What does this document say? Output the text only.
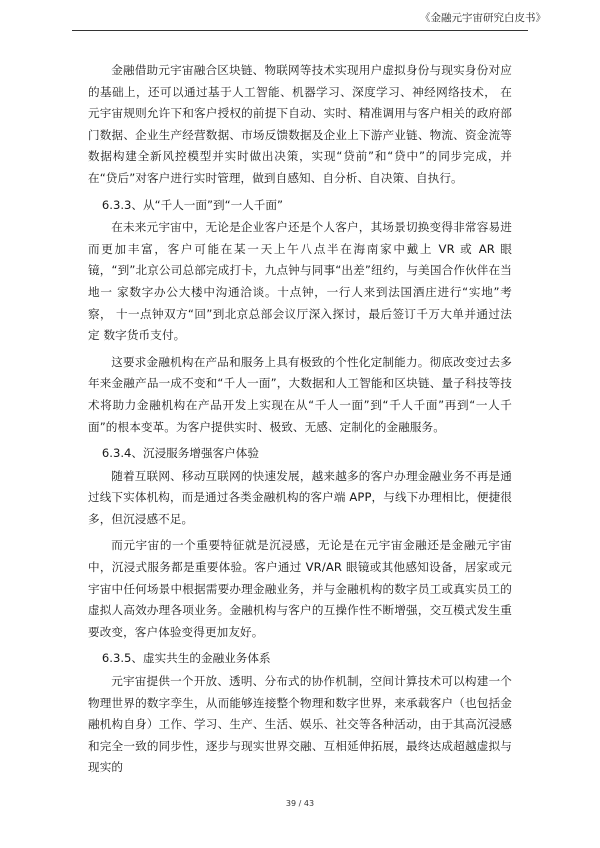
《金融元宇宙研究白皮书》

金融借助元宇宙融合区块链、物联网等技术实现用户虚拟身份与现实身份对应的基础上，还可以通过基于人工智能、机器学习、深度学习、神经网络技术， 在元宇宙规则允许下和客户授权的前提下自动、实时、精准调用与客户相关的政府部门数据、企业生产经营数据、市场反馈数据及企业上下游产业链、物流、资金流等数据构建全新风控模型并实时做出决策，实现“贷前”和“贷中”的同步完成，并在“贷后”对客户进行实时管理，做到自感知、自分析、自决策、自执行。

6.3.3、从“千人一面”到“一人千面”

在未来元宇宙中，无论是企业客户还是个人客户，其场景切换变得非常容易进而更加丰富，客户可能在某一天上午八点半在海南家中戴上 VR 或 AR 眼镜，“到”北京公司总部完成打卡，九点钟与同事“出差”纽约，与美国合作伙伴在当地一 家数字办公大楼中沟通洽谈。十点钟，一行人来到法国酒庄进行“实地”考察， 十一点钟双方“回”到北京总部会议厅深入探讨，最后签订千万大单并通过法定 数字货币支付。

这要求金融机构在产品和服务上具有极致的个性化定制能力。彻底改变过去多年来金融产品一成不变和“千人一面”，大数据和人工智能和区块链、量子科技等技术将助力金融机构在产品开发上实现在从“千人一面”到“千人千面”再到“一人千面”的根本变革。为客户提供实时、极致、无感、定制化的金融服务。

6.3.4、沉浸服务增强客户体验

随着互联网、移动互联网的快速发展，越来越多的客户办理金融业务不再是通过线下实体机构，而是通过各类金融机构的客户端 APP，与线下办理相比，便捷很多，但沉浸感不足。

而元宇宙的一个重要特征就是沉浸感，无论是在元宇宙金融还是金融元宇宙中，沉浸式服务都是重要体验。客户通过 VR/AR 眼镜或其他感知设备，居家或元宇宙中任何场景中根据需要办理金融业务，并与金融机构的数字员工或真实员工的虚拟人高效办理各项业务。金融机构与客户的互操作性不断增强，交互模式发生重要改变，客户体验变得更加友好。

6.3.5、虚实共生的金融业务体系

元宇宙提供一个开放、透明、分布式的协作机制，空间计算技术可以构建一个物理世界的数字孪生，从而能够连接整个物理和数字世界，来承载客户（也包括金融机构自身）工作、学习、生产、生活、娱乐、社交等各种活动，由于其高沉浸感和完全一致的同步性，逐步与现实世界交融、互相延伸拓展，最终达成超越虚拟与现实的

39 / 43
